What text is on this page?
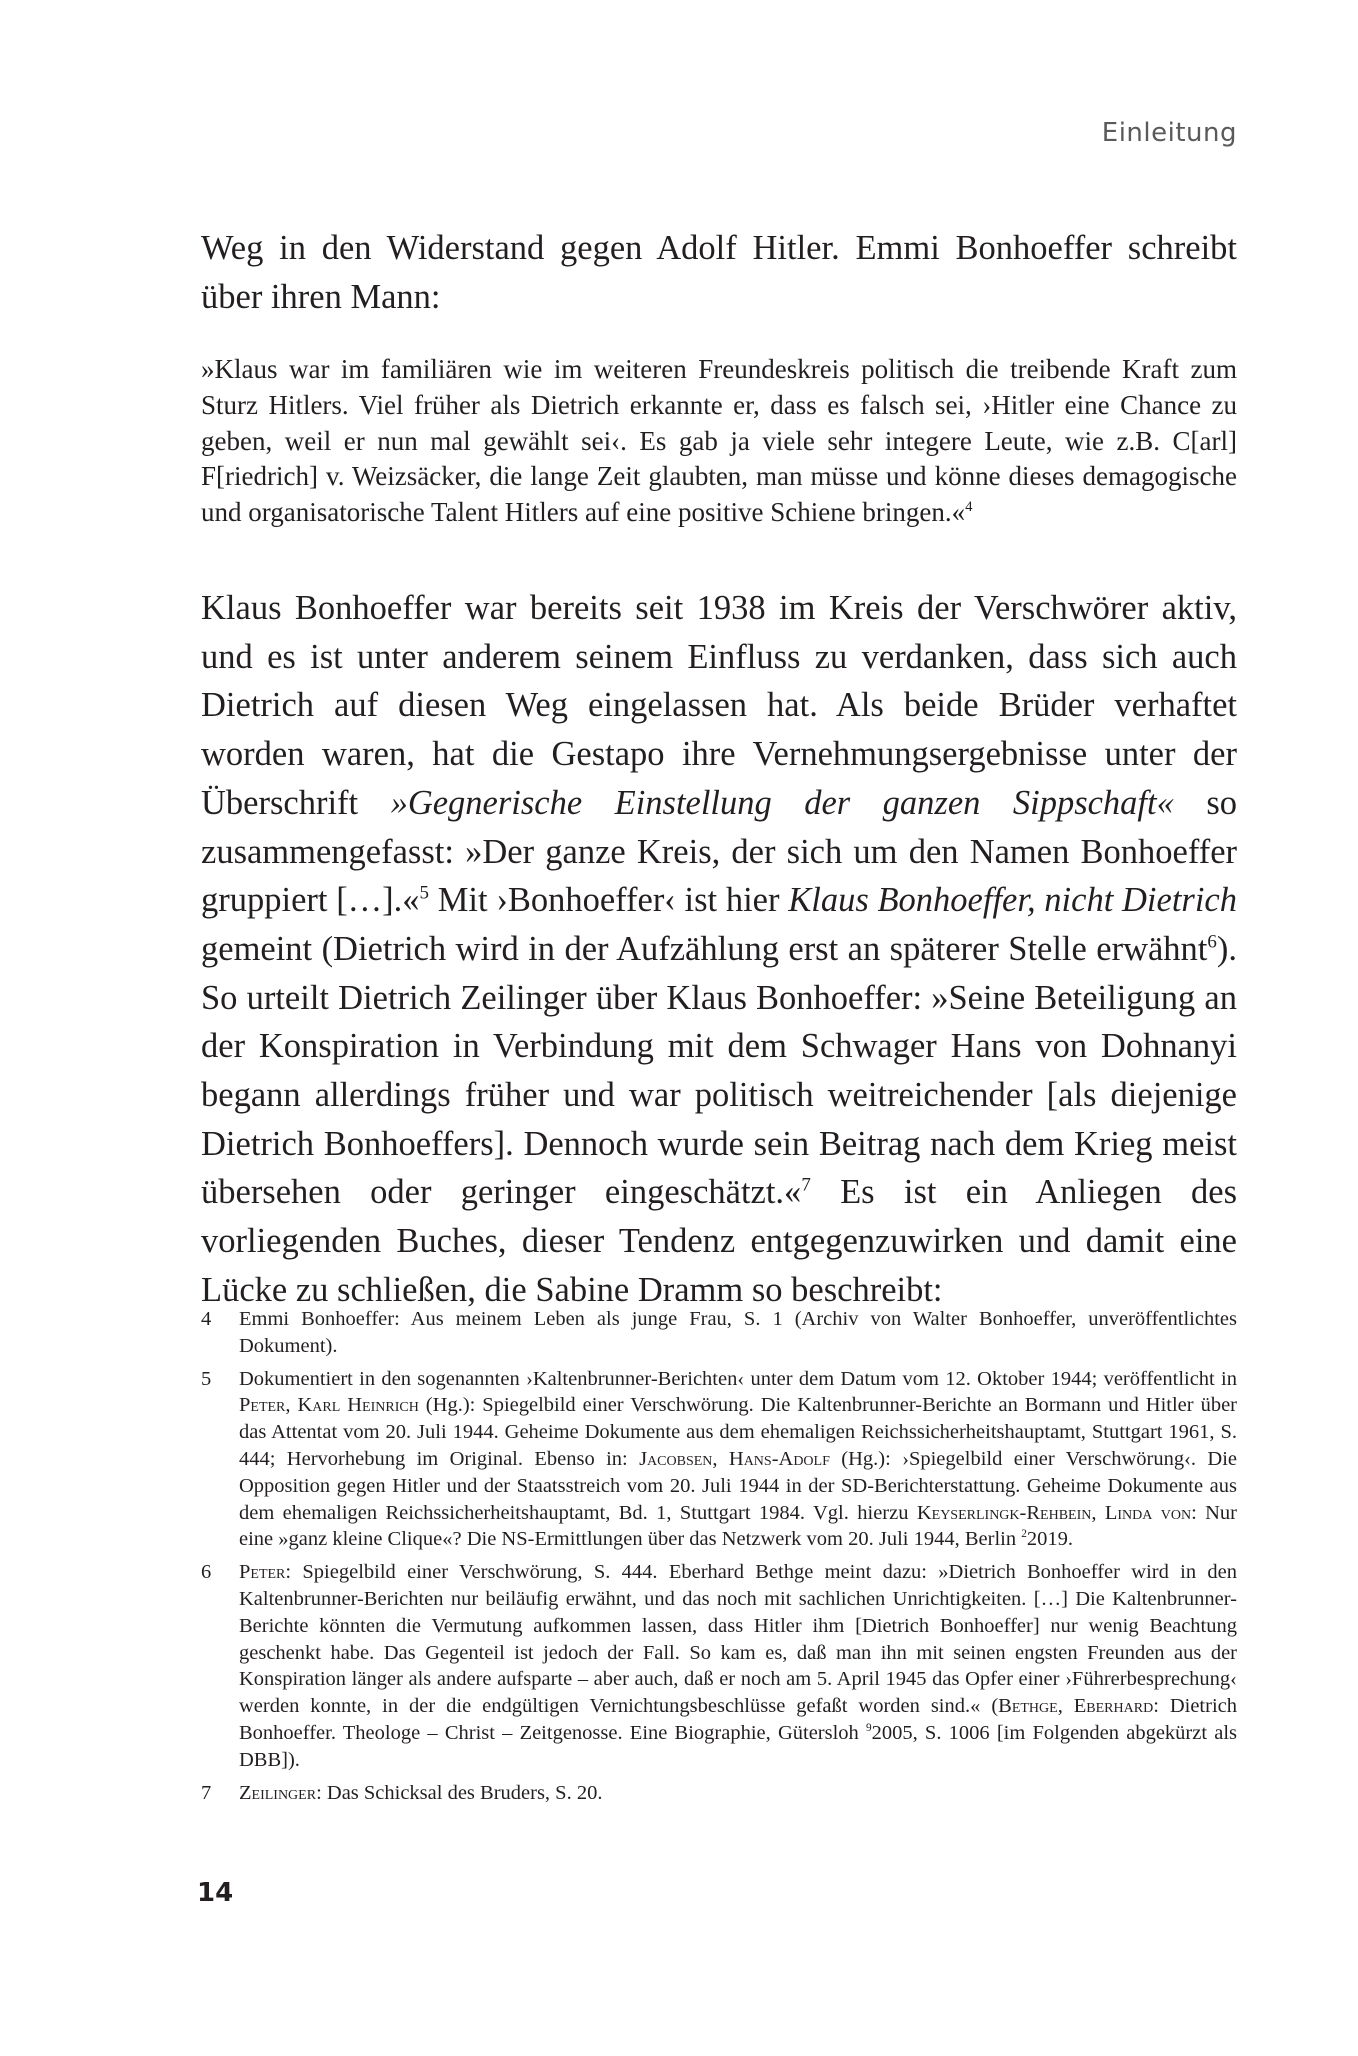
Einleitung

Weg in den Widerstand gegen Adolf Hitler. Emmi Bonhoeffer schreibt über ihren Mann:

»Klaus war im familiären wie im weiteren Freundeskreis politisch die treibende Kraft zum Sturz Hitlers. Viel früher als Dietrich erkannte er, dass es falsch sei, ›Hitler eine Chance zu geben, weil er nun mal gewählt sei‹. Es gab ja viele sehr integere Leute, wie z.B. C[arl] F[riedrich] v. Weizsäcker, die lange Zeit glaubten, man müsse und könne dieses demagogische und organisatorische Talent Hitlers auf eine positive Schiene bringen.«$^4$

Klaus Bonhoeffer war bereits seit 1938 im Kreis der Verschwörer aktiv, und es ist unter anderem seinem Einfluss zu verdanken, dass sich auch Dietrich auf diesen Weg eingelassen hat. Als beide Brüder verhaftet worden waren, hat die Gestapo ihre Vernehmungsergebnisse unter der Überschrift »Gegnerische Einstellung der ganzen Sippschaft« so zusammengefasst: »Der ganze Kreis, der sich um den Namen Bonhoeffer gruppiert […].«$^5$ Mit ›Bonhoeffer‹ ist hier Klaus Bonhoeffer, nicht Dietrich gemeint (Dietrich wird in der Aufzählung erst an späterer Stelle erwähnt$^6$). So urteilt Dietrich Zeilinger über Klaus Bonhoeffer: »Seine Beteiligung an der Konspiration in Verbindung mit dem Schwager Hans von Dohnanyi begann allerdings früher und war politisch weitreichender [als diejenige Dietrich Bonhoeffers]. Dennoch wurde sein Beitrag nach dem Krieg meist übersehen oder geringer eingeschätzt.«$^7$ Es ist ein Anliegen des vorliegenden Buches, dieser Tendenz entgegenzuwirken und damit eine Lücke zu schließen, die Sabine Dramm so beschreibt:

4	Emmi Bonhoeffer: Aus meinem Leben als junge Frau, S. 1 (Archiv von Walter Bonhoeffer, unveröffentlichtes Dokument).
5	Dokumentiert in den sogenannten ›Kaltenbrunner-Berichten‹ unter dem Datum vom 12. Oktober 1944; veröffentlicht in Peter, Karl Heinrich (Hg.): Spiegelbild einer Verschwörung. Die Kaltenbrunner-Berichte an Bormann und Hitler über das Attentat vom 20. Juli 1944. Geheime Dokumente aus dem ehemaligen Reichssicherheitshauptamt, Stuttgart 1961, S. 444; Hervorhebung im Original. Ebenso in: Jacobsen, Hans-Adolf (Hg.): ›Spiegelbild einer Verschwörung‹. Die Opposition gegen Hitler und der Staatsstreich vom 20. Juli 1944 in der SD-Berichterstattung. Geheime Dokumente aus dem ehemaligen Reichssicherheitshauptamt, Bd. 1, Stuttgart 1984. Vgl. hierzu Keyserlingk-Rehbein, Linda von: Nur eine »ganz kleine Clique«? Die NS-Ermittlungen über das Netzwerk vom 20. Juli 1944, Berlin $^2$2019.
6	Peter: Spiegelbild einer Verschwörung, S. 444. Eberhard Bethge meint dazu: »Dietrich Bonhoeffer wird in den Kaltenbrunner-Berichten nur beiläufig erwähnt, und das noch mit sachlichen Unrichtigkeiten. […] Die Kaltenbrunner-Berichte könnten die Vermutung aufkommen lassen, dass Hitler ihm [Dietrich Bonhoeffer] nur wenig Beachtung geschenkt habe. Das Gegenteil ist jedoch der Fall. So kam es, daß man ihn mit seinen engsten Freunden aus der Konspiration länger als andere aufsparte – aber auch, daß er noch am 5. April 1945 das Opfer einer ›Führerbesprechung‹ werden konnte, in der die endgültigen Vernichtungsbeschlüsse gefaßt worden sind.« (Bethge, Eberhard: Dietrich Bonhoeffer. Theologe – Christ – Zeitgenosse. Eine Biographie, Gütersloh $^9$2005, S. 1006 [im Folgenden abgekürzt als DBB]).
7	Zeilinger: Das Schicksal des Bruders, S. 20.
14
